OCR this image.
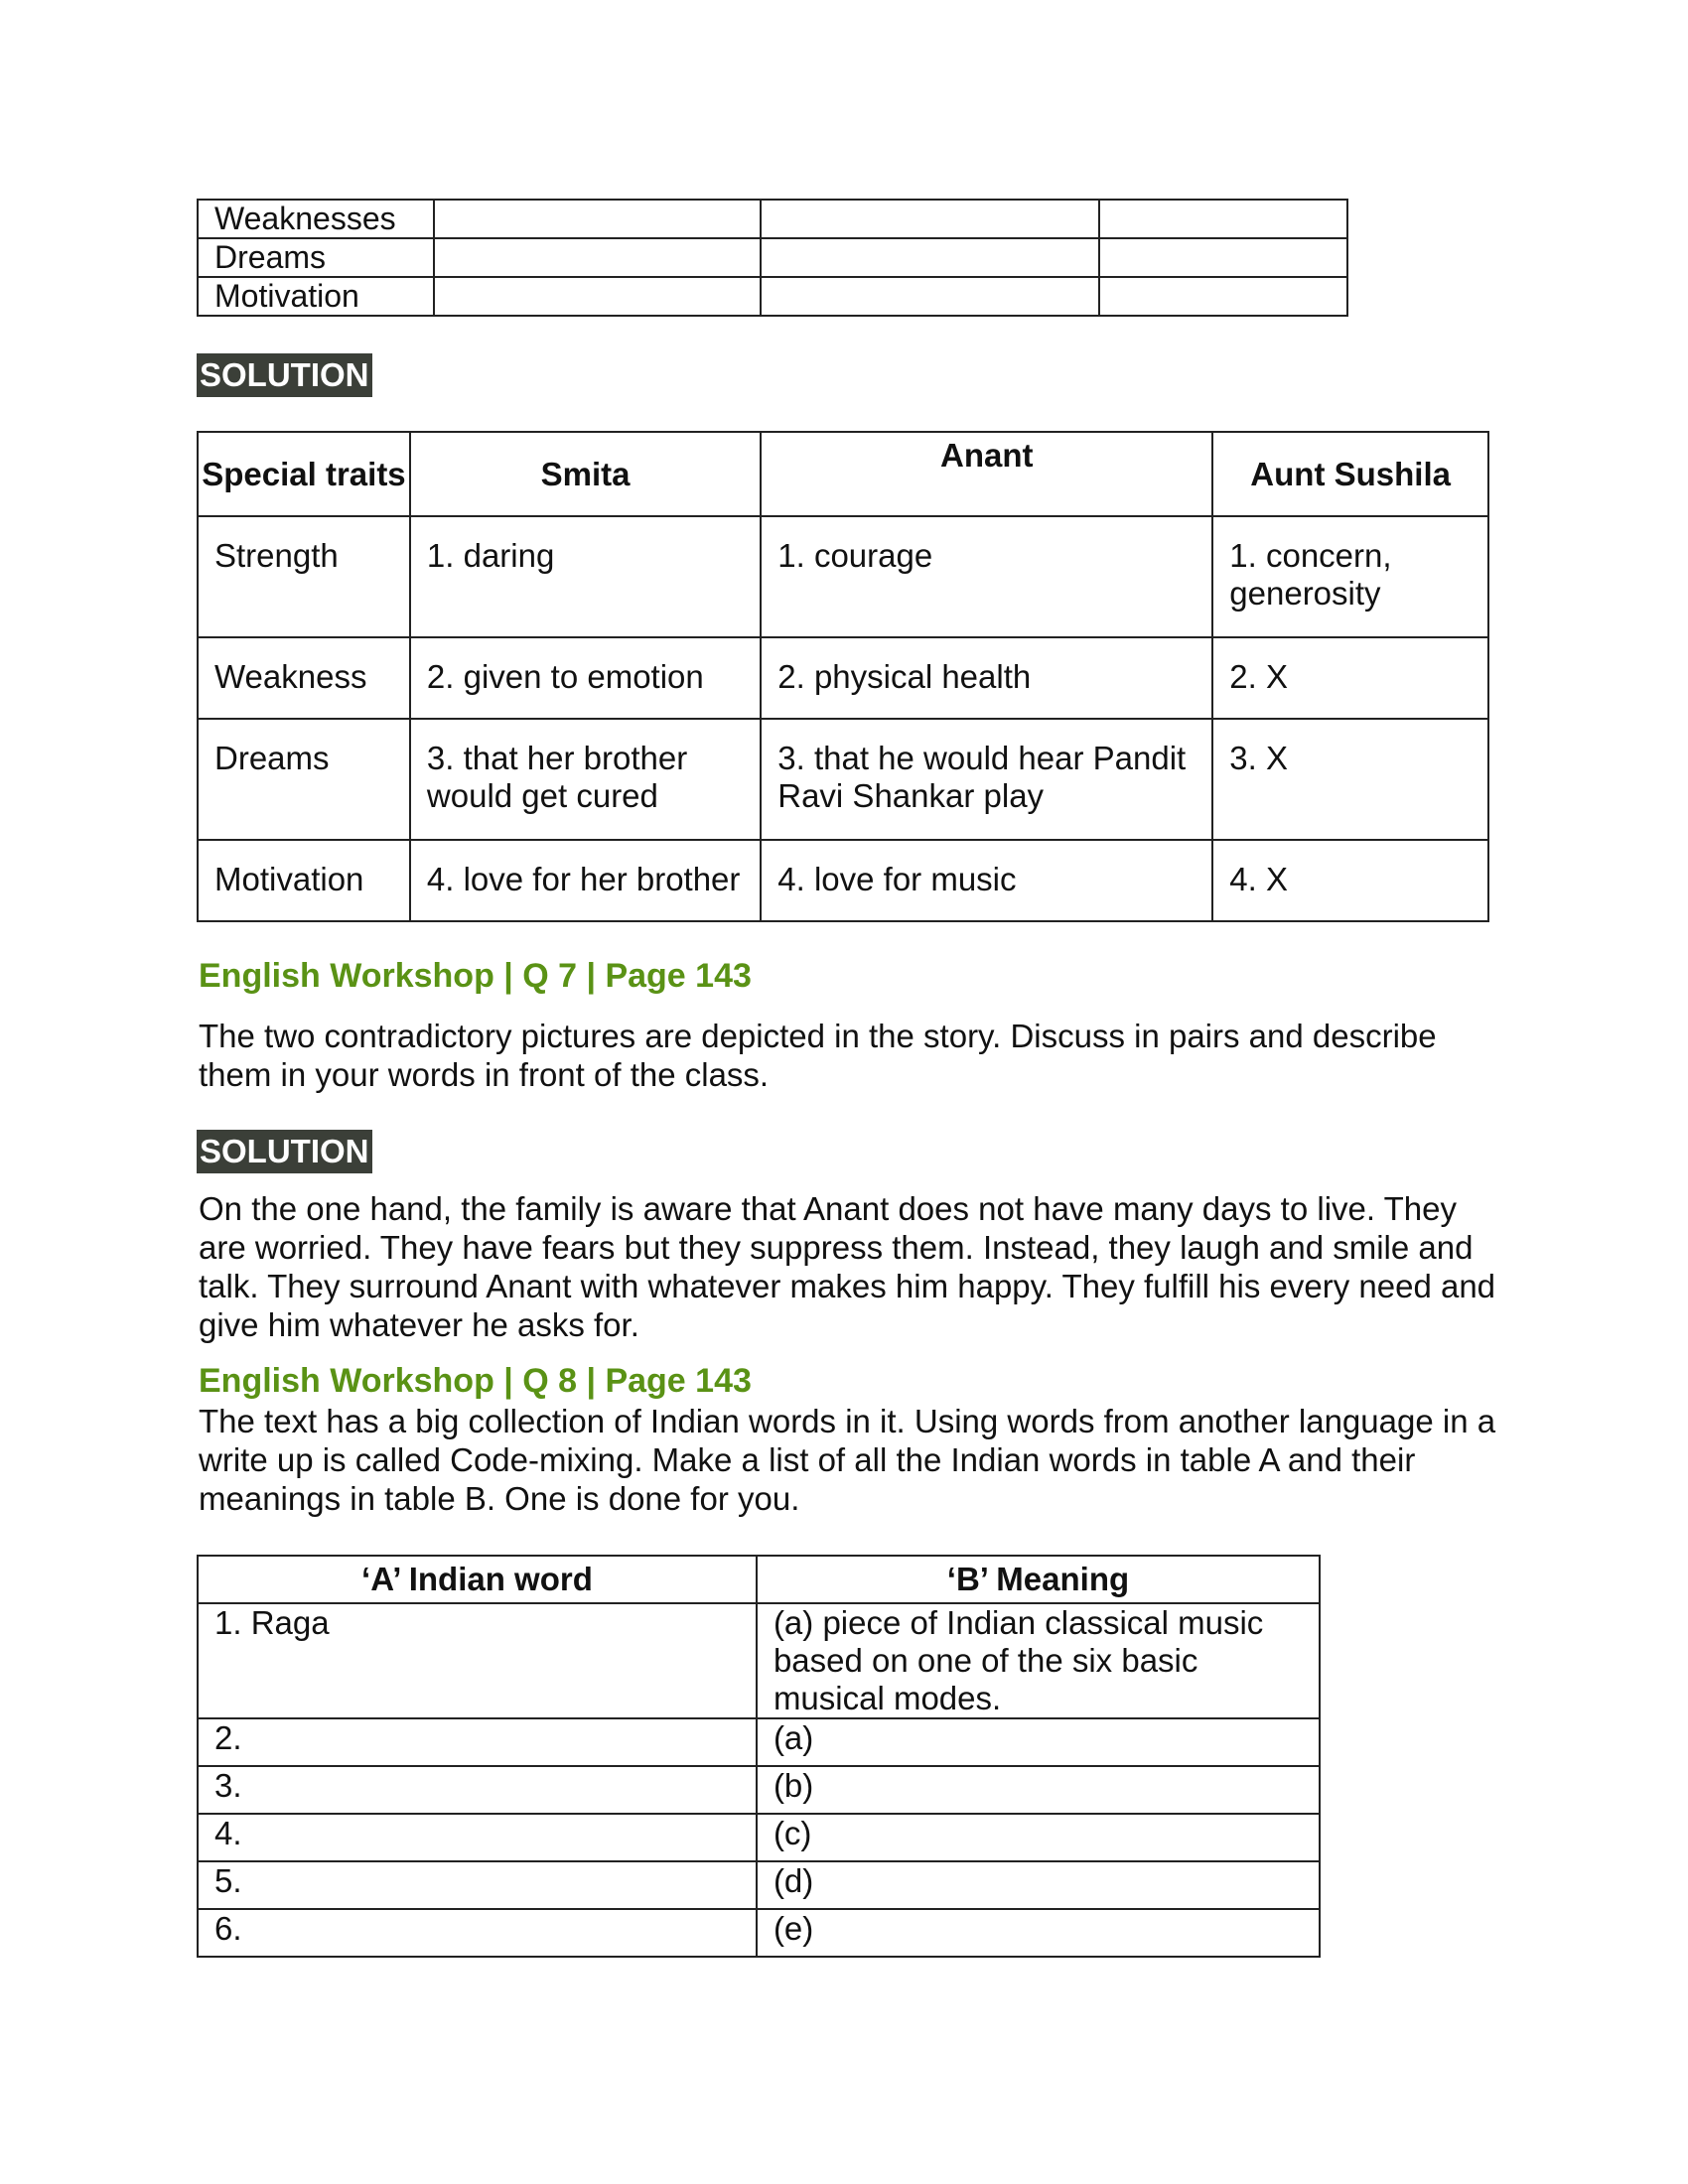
Weaknesses			
Dreams			
Motivation			
SOLUTION
Special traits	Smita	Anant	Aunt Sushila
Strength	1. daring	1. courage	1. concern, generosity
Weakness	2. given to emotion	2. physical health	2. X
Dreams	3. that her brother would get cured	3. that he would hear Pandit Ravi Shankar play	3. X
Motivation	4. love for her brother	4. love for music	4. X
English Workshop | Q 7 | Page 143

The two contradictory pictures are depicted in the story. Discuss in pairs and describe them in your words in front of the class.

SOLUTION

On the one hand, the family is aware that Anant does not have many days to live. They are worried. They have fears but they suppress them. Instead, they laugh and smile and talk. They surround Anant with whatever makes him happy. They fulfill his every need and give him whatever he asks for.

English Workshop | Q 8 | Page 143

The text has a big collection of Indian words in it. Using words from another language in a write up is called Code-mixing. Make a list of all the Indian words in table A and their meanings in table B. One is done for you.

‘A’ Indian word	‘B’ Meaning
1. Raga	(a) piece of Indian classical music based on one of the six basic musical modes.
2.	(a)
3.	(b)
4.	(c)
5.	(d)
6.	(e)
